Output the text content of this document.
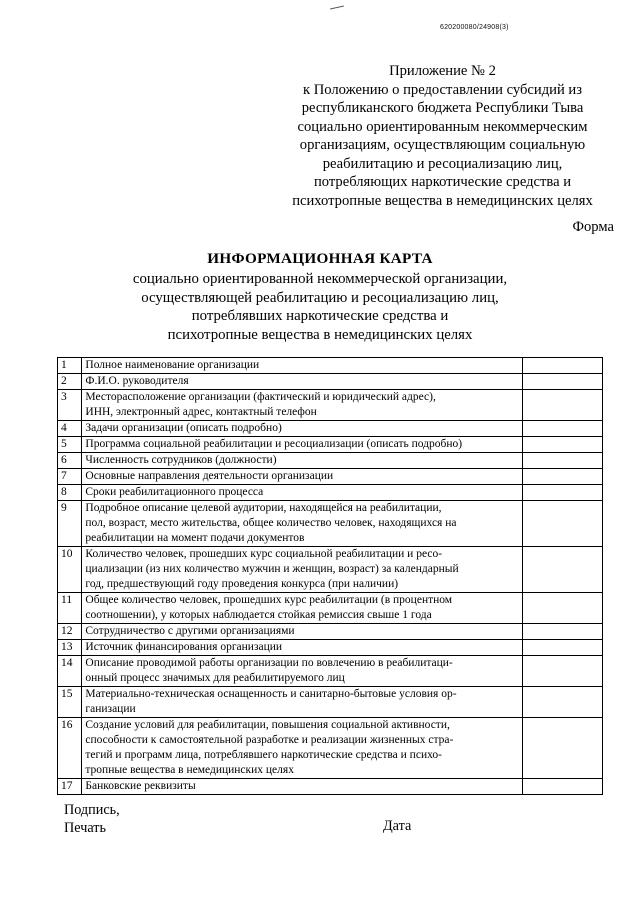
620200080/24908(3)
Приложение № 2
к Положению о предоставлении субсидий из
республиканского бюджета Республики Тыва
социально ориентированным некоммерческим
организациям, осуществляющим социальную
реабилитацию и ресоциализацию лиц,
потребляющих наркотические средства и
психотропные вещества в немедицинских целях
Форма
ИНФОРМАЦИОННАЯ КАРТА
социально ориентированной некоммерческой организации,
осуществляющей реабилитацию и ресоциализацию лиц,
потреблявших наркотические средства и
психотропные вещества в немедицинских целях
1	Полное наименование организации	

2	Ф.И.О. руководителя	

3	Месторасположение организации (фактический и юридический адрес),
ИНН, электронный адрес, контактный телефон	

4	Задачи организации (описать подробно)	

5	Программа социальной реабилитации и ресоциализации (описать подробно)	

6	Численность сотрудников (должности)	

7	Основные направления деятельности организации	

8	Сроки реабилитационного процесса	

9	Подробное описание целевой аудитории, находящейся на реабилитации,
пол, возраст, место жительства, общее количество человек, находящихся на
реабилитации на момент подачи документов	

10	Количество человек, прошедших курс социальной реабилитации и ресо-
циализации (из них количество мужчин и женщин, возраст) за календарный
год, предшествующий году проведения конкурса (при наличии)	

11	Общее количество человек, прошедших курс реабилитации (в процентном
соотношении), у которых наблюдается стойкая ремиссия свыше 1 года	

12	Сотрудничество с другими организациями	

13	Источник финансирования организации	

14	Описание проводимой работы организации по вовлечению в реабилитаци-
онный процесс значимых для реабилитируемого лиц	

15	Материально-техническая оснащенность и санитарно-бытовые условия ор-
ганизации	

16	Создание условий для реабилитации, повышения социальной активности,
способности к самостоятельной разработке и реализации жизненных стра-
тегий и программ лица, потреблявшего наркотические средства и психо-
тропные вещества в немедицинских целях	

17	Банковские реквизиты	

Подпись,
Печать	Дата
